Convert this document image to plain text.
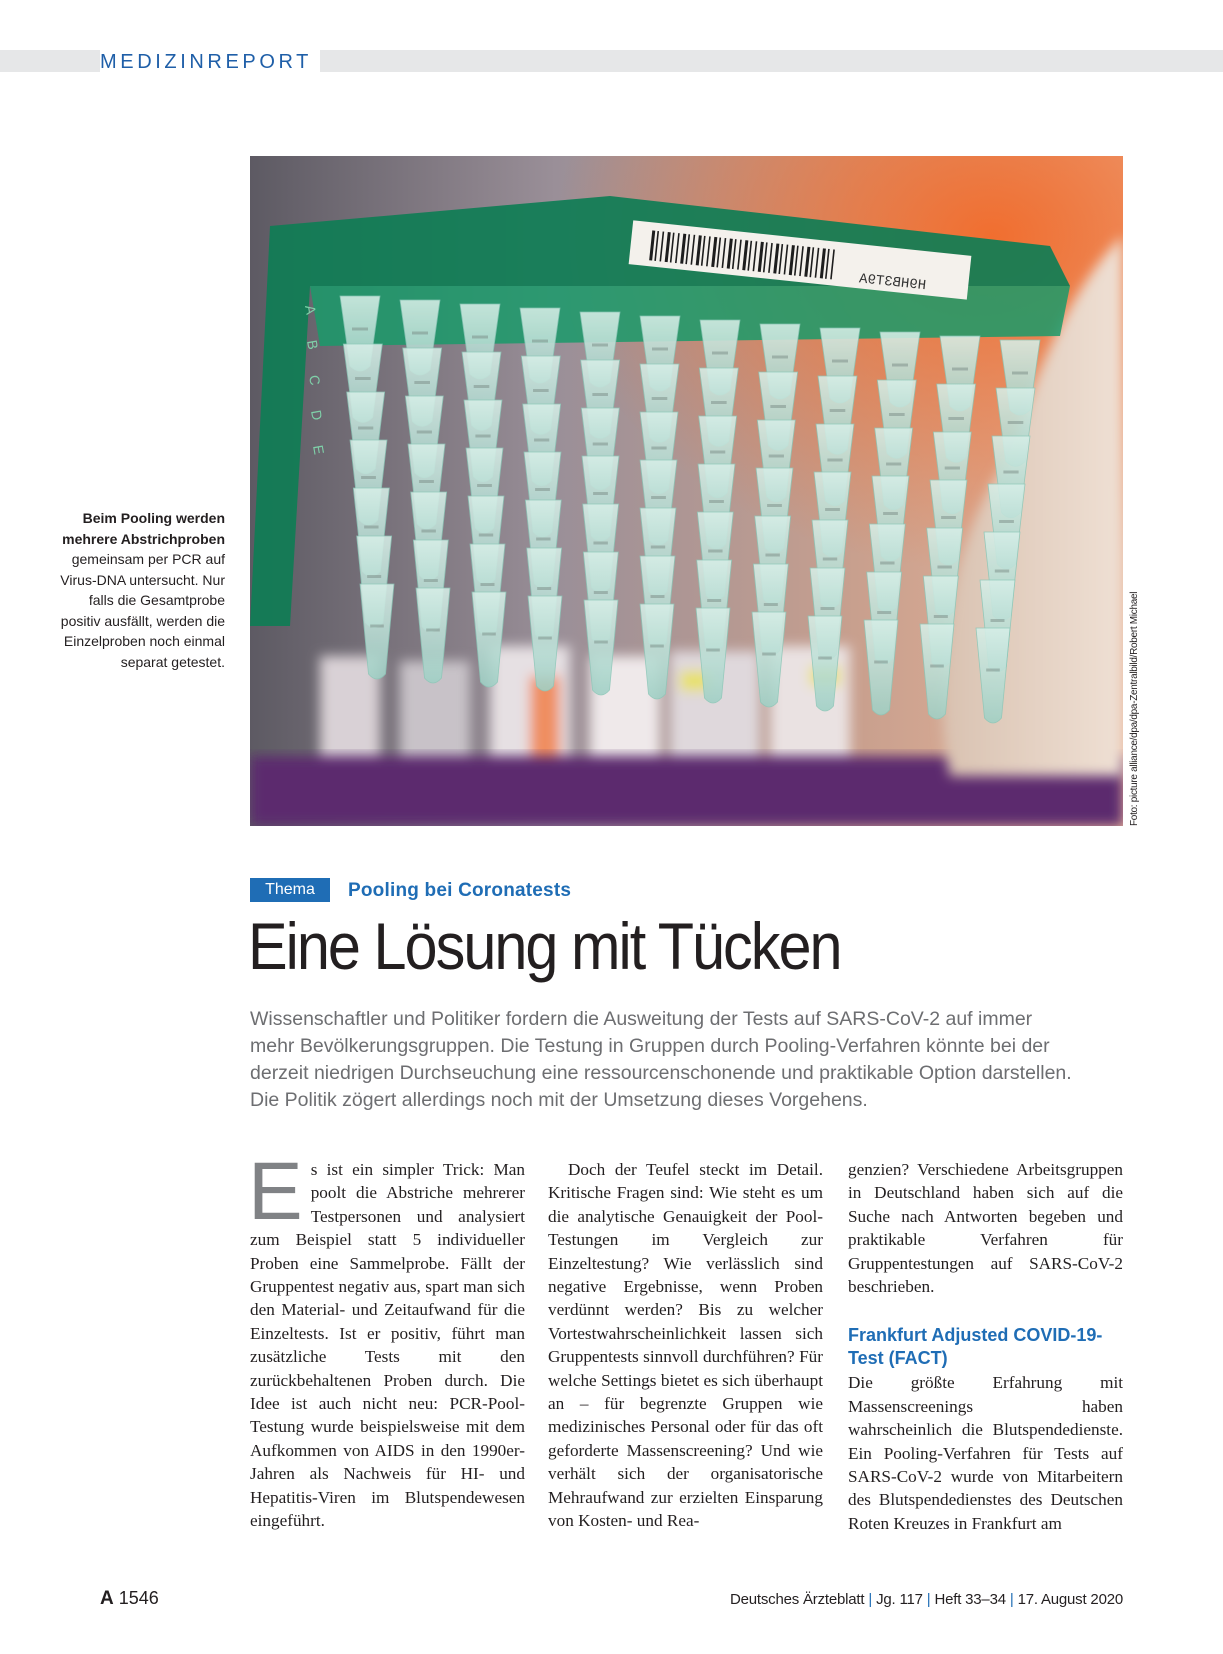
MEDIZINREPORT
H9HB3T9A
A
B
C
D
E
Foto: picture alliance/dpa/dpa-Zentralbild/Robert Michael
Beim Pooling werden mehrere Abstrichproben gemeinsam per PCR auf Virus-DNA untersucht. Nur falls die Gesamtprobe positiv ausfällt, werden die Einzelproben noch einmal separat getestet.
Thema	Pooling bei Coronatests
Eine Lösung mit Tücken

Wissenschaftler und Politiker fordern die Ausweitung der Tests auf SARS-CoV-2 auf immer

mehr Bevölkerungsgruppen. Die Testung in Gruppen durch Pooling-Verfahren könnte bei der

derzeit niedrigen Durchseuchung eine ressourcenschonende und praktikable Option darstellen.

Die Politik zögert allerdings noch mit der Umsetzung dieses Vorgehens.

E s ist ein simpler Trick: Man poolt die Abstriche mehrerer Testpersonen und analysiert zum Beispiel statt 5 individueller Proben eine Sammelprobe. Fällt der Gruppentest negativ aus, spart man sich den Material- und Zeitaufwand für die Einzeltests. Ist er positiv, führt man zusätzliche Tests mit den zurückbehaltenen Proben durch. Die Idee ist auch nicht neu: PCR-Pool-Testung wurde beispielsweise mit dem Aufkommen von AIDS in den 1990er-Jahren als Nachweis für HI- und Hepatitis-Viren im Blutspendewesen eingeführt.

Doch der Teufel steckt im Detail. Kritische Fragen sind: Wie steht es um die analytische Genauigkeit der Pool-Testungen im Vergleich zur Einzeltestung? Wie verlässlich sind negative Ergebnisse, wenn Proben verdünnt werden? Bis zu welcher Vortestwahrscheinlichkeit lassen sich Gruppentests sinnvoll durchführen? Für welche Settings bietet es sich überhaupt an – für begrenzte Gruppen wie medizinisches Personal oder für das oft geforderte Massenscreening? Und wie verhält sich der organisatorische Mehraufwand zur erzielten Einsparung von Kosten- und Rea-

genzien? Verschiedene Arbeitsgruppen in Deutschland haben sich auf die Suche nach Antworten begeben und praktikable Verfahren für Gruppentestungen auf SARS-CoV-2 beschrieben.

Frankfurt Adjusted COVID-19-Test (FACT)

Die größte Erfahrung mit Massenscreenings haben wahrscheinlich die Blutspendedienste. Ein Pooling-Verfahren für Tests auf SARS-CoV-2 wurde von Mitarbeitern des Blutspendedienstes des Deutschen Roten Kreuzes in Frankfurt am

A 1546	Deutsches Ärzteblatt | Jg. 117 | Heft 33–34 | 17. August 2020
